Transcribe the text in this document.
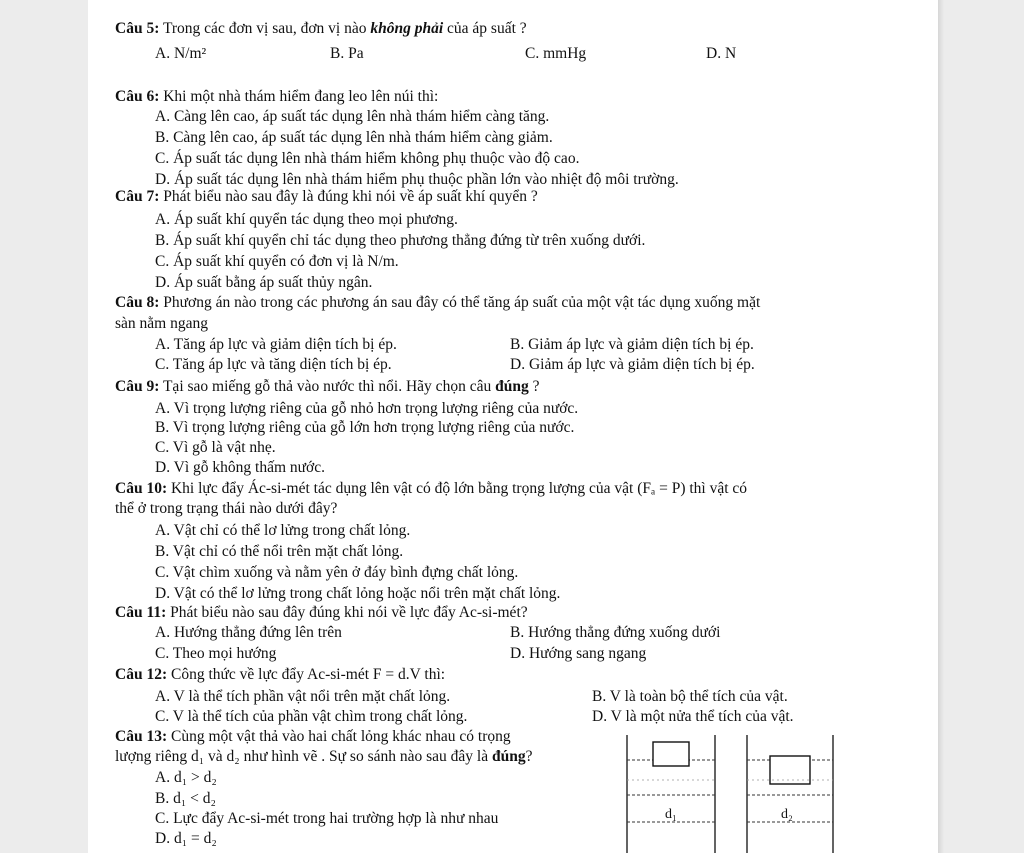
Câu 5: Trong các đơn vị sau, đơn vị nào không phải của áp suất ?
A. N/m²	B. Pa	C. mmHg	D. N
Câu 6: Khi một nhà thám hiểm đang leo lên núi thì:
A. Càng lên cao, áp suất tác dụng lên nhà thám hiểm càng tăng.
B. Càng lên cao, áp suất tác dụng lên nhà thám hiểm càng giảm.
C. Áp suất tác dụng lên nhà thám hiểm không phụ thuộc vào độ cao.
D. Áp suất tác dụng lên nhà thám hiểm phụ thuộc phần lớn vào nhiệt độ môi trường.
Câu 7: Phát biểu nào sau đây là đúng khi nói về áp suất khí quyển ?
A. Áp suất khí quyển tác dụng theo mọi phương.
B. Áp suất khí quyển chỉ tác dụng theo phương thẳng đứng từ trên xuống dưới.
C. Áp suất khí quyển có đơn vị là N/m.
D. Áp suất bằng áp suất thủy ngân.
Câu 8: Phương án nào trong các phương án sau đây có thể tăng áp suất của một vật tác dụng xuống mặt
sàn nằm ngang
A. Tăng áp lực và giảm diện tích bị ép.	B. Giảm áp lực và giảm diện tích bị ép.
C. Tăng áp lực và tăng diện tích bị ép.	D. Giảm áp lực và giảm diện tích bị ép.
Câu 9: Tại sao miếng gỗ thả vào nước thì nổi. Hãy chọn câu đúng ?
A. Vì trọng lượng riêng của gỗ nhỏ hơn trọng lượng riêng của nước.
B. Vì trọng lượng riêng của gỗ lớn hơn trọng lượng riêng của nước.
C. Vì gỗ là vật nhẹ.
D. Vì gỗ không thấm nước.
Câu 10: Khi lực đẩy Ác-si-mét tác dụng lên vật có độ lớn bằng trọng lượng của vật (Fₐ = P) thì vật có
thể ở trong trạng thái nào dưới đây?
A. Vật chỉ có thể lơ lửng trong chất lỏng.
B. Vật chỉ có thể nổi trên mặt chất lỏng.
C. Vật chìm xuống và nằm yên ở đáy bình đựng chất lỏng.
D. Vật có thể lơ lửng trong chất lỏng hoặc nổi trên mặt chất lỏng.
Câu 11: Phát biểu nào sau đây đúng khi nói về lực đẩy Ac-si-mét?
A. Hướng thẳng đứng lên trên	B. Hướng thẳng đứng xuống dưới
C. Theo mọi hướng	D. Hướng sang ngang
Câu 12: Công thức về lực đẩy Ac-si-mét F = d.V thì:
A. V là thể tích phần vật nổi trên mặt chất lỏng.	B. V là toàn bộ thể tích của vật.
C. V là thể tích của phần vật chìm trong chất lỏng.	D. V là một nửa thể tích của vật.
Câu 13: Cùng một vật thả vào hai chất lỏng khác nhau có trọng
lượng riêng d₁ và d₂ như hình vẽ . Sự so sánh nào sau đây là đúng?
A. d₁ > d₂
B. d₁ < d₂
C. Lực đẩy Ac-si-mét trong hai trường hợp là như nhau
D. d₁ = d₂
d₁	d₂
